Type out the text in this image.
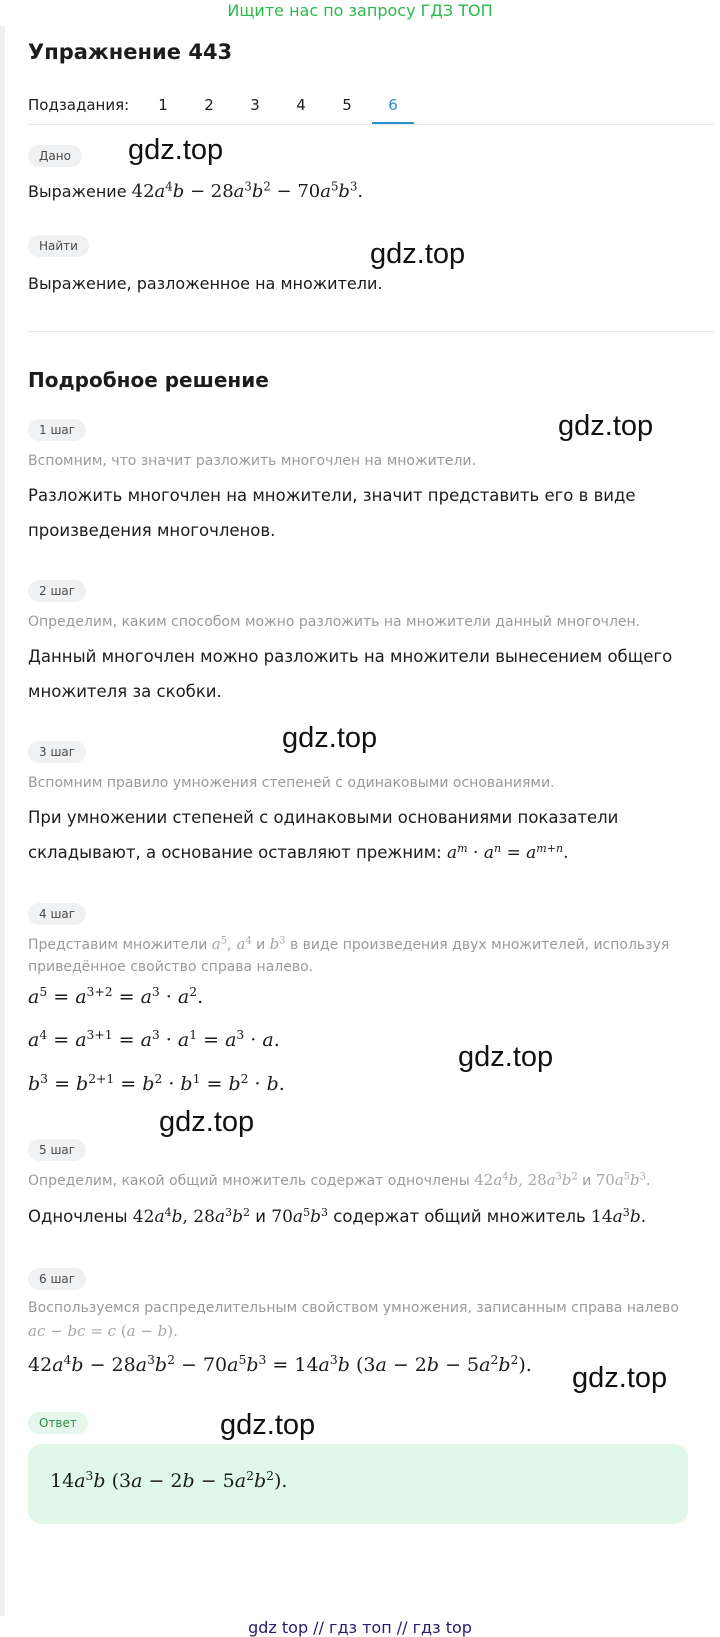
Ищите нас по запросу ГДЗ ТОП
Упражнение 443
Подзадания:	1	2	3	4	5	6
Дано
Выражение $42a^4b - 28a^3b^2 - 70a^5b^3$.
Найти
Выражение, разложенное на множители.
Подробное решение
1 шаг
Вспомним, что значит разложить многочлен на множители.
Разложить многочлен на множители, значит представить его в виде
произведения многочленов.
2 шаг
Определим, каким способом можно разложить на множители данный многочлен.
Данный многочлен можно разложить на множители вынесением общего
множителя за скобки.
3 шаг
Вспомним правило умножения степеней с одинаковыми основаниями.
При умножении степеней с одинаковыми основаниями показатели
складывают, а основание оставляют прежним: $a^m \cdot a^n = a^{m+n}$.
4 шаг
Представим множители $a^5$, $a^4$ и $b^3$ в виде произведения двух множителей, используя
приведённое свойство справа налево.
$a^5 = a^{3+2} = a^3 \cdot a^2$.
$a^4 = a^{3+1} = a^3 \cdot a^1 = a^3 \cdot a$.
$b^3 = b^{2+1} = b^2 \cdot b^1 = b^2 \cdot b$.
5 шаг
Определим, какой общий множитель содержат одночлены $42a^4b$, $28a^3b^2$ и $70a^5b^3$.
Одночлены $42a^4b$, $28a^3b^2$ и $70a^5b^3$ содержат общий множитель $14a^3b$.
6 шаг
Воспользуемся распределительным свойством умножения, записанным справа налево
ac − bc = c (a − b).
$42a^4b - 28a^3b^2 - 70a^5b^3 = 14a^3b$ $(3a - 2b - 5a^2b^2)$.
Ответ
$14a^3b$ $(3a - 2b - 5a^2b^2)$.
gdz.top
gdz.top
gdz.top
gdz.top
gdz.top
gdz.top
gdz.top
gdz.top
gdz top // гдз топ // гдз top
